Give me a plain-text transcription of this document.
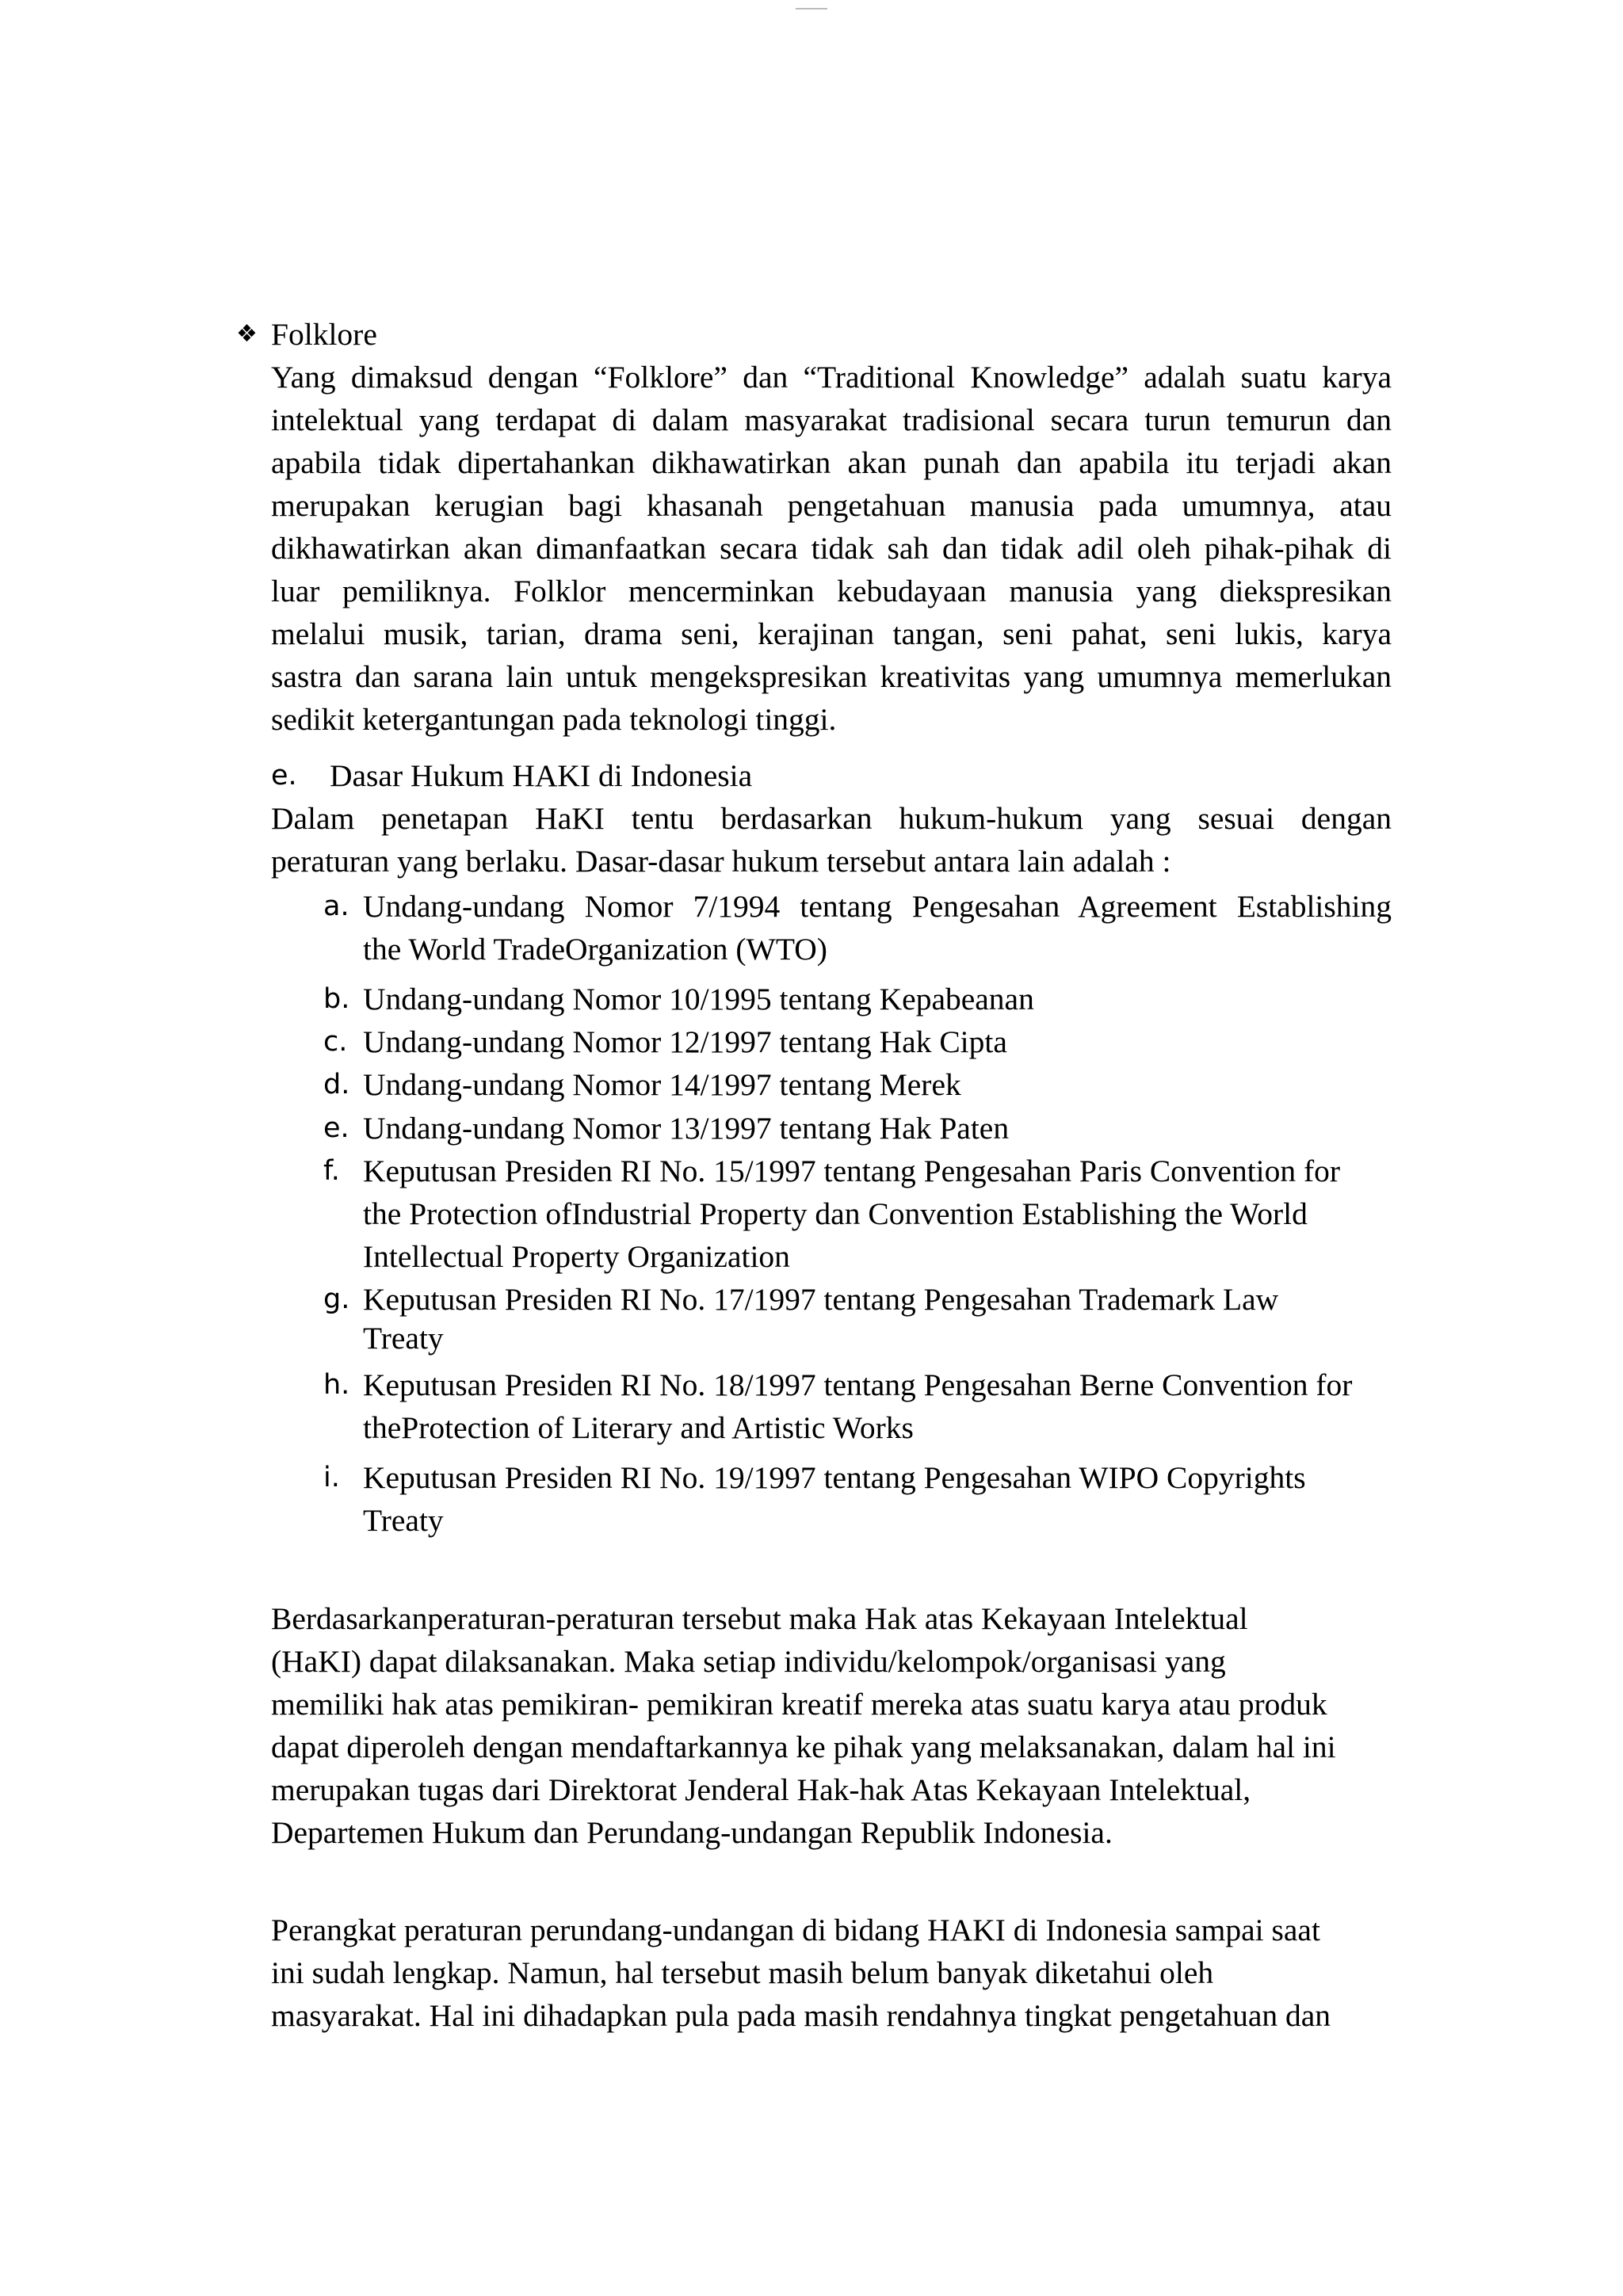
❖ Folklore
Yang dimaksud dengan “Folklore” dan “Traditional Knowledge” adalah suatu karya
intelektual yang terdapat di dalam masyarakat tradisional secara turun temurun dan
apabila tidak dipertahankan dikhawatirkan akan punah dan apabila itu terjadi akan
merupakan kerugian bagi khasanah pengetahuan manusia pada umumnya, atau
dikhawatirkan akan dimanfaatkan secara tidak sah dan tidak adil oleh pihak-pihak di
luar pemiliknya. Folklor mencerminkan kebudayaan manusia yang diekspresikan
melalui musik, tarian, drama seni, kerajinan tangan, seni pahat, seni lukis, karya
sastra dan sarana lain untuk mengekspresikan kreativitas yang umumnya memerlukan
sedikit ketergantungan pada teknologi tinggi.
e. Dasar Hukum HAKI di Indonesia
Dalam penetapan HaKI tentu berdasarkan hukum-hukum yang sesuai dengan
peraturan yang berlaku. Dasar-dasar hukum tersebut antara lain adalah :
a. Undang-undang Nomor 7/1994 tentang Pengesahan Agreement Establishing
the World TradeOrganization (WTO)
b. Undang-undang Nomor 10/1995 tentang Kepabeanan
c. Undang-undang Nomor 12/1997 tentang Hak Cipta
d. Undang-undang Nomor 14/1997 tentang Merek
e. Undang-undang Nomor 13/1997 tentang Hak Paten
f. Keputusan Presiden RI No. 15/1997 tentang Pengesahan Paris Convention for
the Protection ofIndustrial Property dan Convention Establishing the World
Intellectual Property Organization
g. Keputusan Presiden RI No. 17/1997 tentang Pengesahan Trademark Law
Treaty
h. Keputusan Presiden RI No. 18/1997 tentang Pengesahan Berne Convention for
theProtection of Literary and Artistic Works
i. Keputusan Presiden RI No. 19/1997 tentang Pengesahan WIPO Copyrights
Treaty
Berdasarkanperaturan-peraturan tersebut maka Hak atas Kekayaan Intelektual
(HaKI) dapat dilaksanakan. Maka setiap individu/kelompok/organisasi yang
memiliki hak atas pemikiran- pemikiran kreatif mereka atas suatu karya atau produk
dapat diperoleh dengan mendaftarkannya ke pihak yang melaksanakan, dalam hal ini
merupakan tugas dari Direktorat Jenderal Hak-hak Atas Kekayaan Intelektual,
Departemen Hukum dan Perundang-undangan Republik Indonesia.
Perangkat peraturan perundang-undangan di bidang HAKI di Indonesia sampai saat
ini sudah lengkap. Namun, hal tersebut masih belum banyak diketahui oleh
masyarakat. Hal ini dihadapkan pula pada masih rendahnya tingkat pengetahuan dan
